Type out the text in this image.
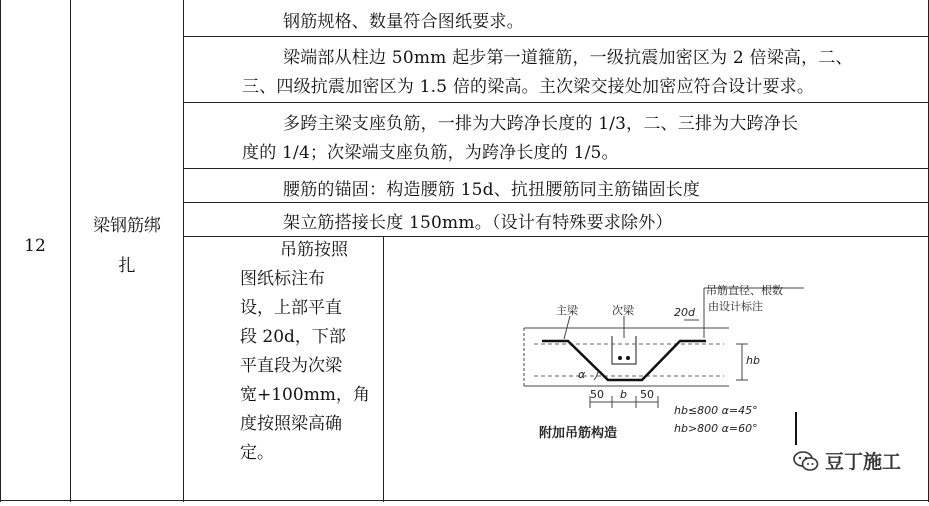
12
梁钢筋绑
扎
钢筋规格、数量符合图纸要求。
梁端部从柱边 50mm 起步第一道箍筋，一级抗震加密区为 2 倍梁高，二、
三、四级抗震加密区为 1.5 倍的梁高。主次梁交接处加密应符合设计要求。
多跨主梁支座负筋，一排为大跨净长度的 1/3，二、三排为大跨净长
度的 1/4；次梁端支座负筋，为跨净长度的 1/5。
腰筋的锚固：构造腰筋 15d、抗扭腰筋同主筋锚固长度
架立筋搭接长度 150mm。（设计有特殊要求除外）
吊筋按照
图纸标注布
设，上部平直
段 20d，下部
平直段为次梁
宽+100mm，角
度按照梁高确
定。
主梁	次梁
吊筋直径、根数
由设计标注
20d
hb
α
50 b 50
hb≤800 α=45°
hb>800 α=60°
附加吊筋构造
豆丁施工
